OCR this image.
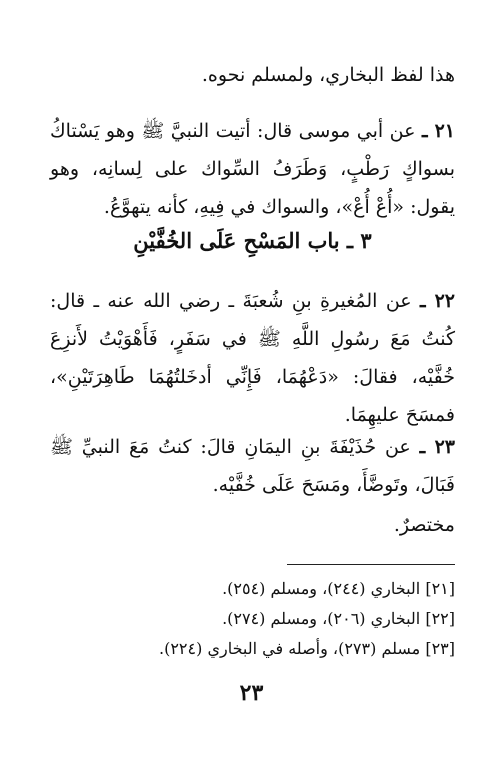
هذا لفظ البخاري، ولمسلم نحوه.
٢١ ـ عن أبي موسى قال: أتيت النبيَّ ﷺ وهو يَسْتاكُ بسواكٍ رَطْبٍ، وَطَرَفُ السِّواك على لِسانِه، وهو يقول: «أُعْ أُعْ»، والسواك في فِيهِ، كأنه يتهوَّعُ.
٣ ـ باب المَسْحِ عَلَى الخُفَّيْنِ
٢٢ ـ عن المُغيرةِ بنِ شُعبَةَ ـ رضي الله عنه ـ قال: كُنتُ مَعَ رسُولِ اللَّهِ ﷺ في سَفَرٍ، فَأَهْوَيْتُ لأَنزِعَ خُفَّيْه، فقالَ: «دَعْهُمَا، فَإِنِّي أدخَلتُهُمَا طَاهِرَتَيْنِ»، فمسَحَ عليهِمَا.
٢٣ ـ عن حُذَيْفَةَ بنِ اليمَانِ قالَ: كنتُ مَعَ النبيِّ ﷺ فَبَالَ، وتَوضَّأَ، ومَسَحَ عَلَى خُفَّيْه.
مختصرٌ.
[٢١] البخاري (٢٤٤)، ومسلم (٢٥٤).
[٢٢] البخاري (٢٠٦)، ومسلم (٢٧٤).
[٢٣] مسلم (٢٧٣)، وأصله في البخاري (٢٢٤).
٢٣
